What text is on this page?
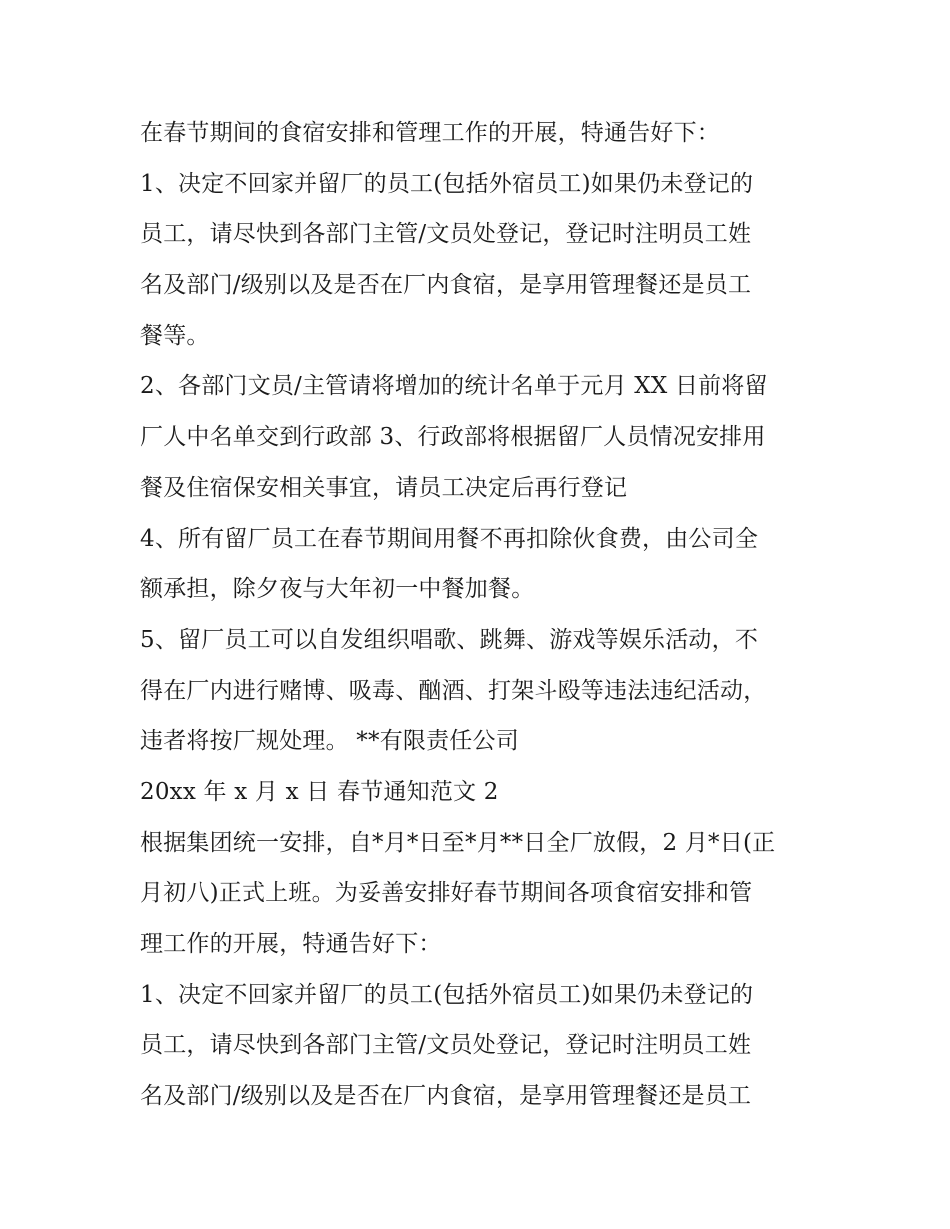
在春节期间的食宿安排和管理工作的开展，特通告好下：
1、决定不回家并留厂的员工(包括外宿员工)如果仍未登记的
员工，请尽快到各部门主管/文员处登记，登记时注明员工姓
名及部门/级别以及是否在厂内食宿，是享用管理餐还是员工
餐等。
2、各部门文员/主管请将增加的统计名单于元月 XX 日前将留
厂人中名单交到行政部 3、行政部将根据留厂人员情况安排用
餐及住宿保安相关事宜，请员工决定后再行登记
4、所有留厂员工在春节期间用餐不再扣除伙食费，由公司全
额承担，除夕夜与大年初一中餐加餐。
5、留厂员工可以自发组织唱歌、跳舞、游戏等娱乐活动，不
得在厂内进行赌博、吸毒、酗酒、打架斗殴等违法违纪活动，
违者将按厂规处理。 **有限责任公司
20xx 年 x 月 x 日 春节通知范文 2
根据集团统一安排，自*月*日至*月**日全厂放假，2 月*日(正
月初八)正式上班。为妥善安排好春节期间各项食宿安排和管
理工作的开展，特通告好下：
1、决定不回家并留厂的员工(包括外宿员工)如果仍未登记的
员工，请尽快到各部门主管/文员处登记，登记时注明员工姓
名及部门/级别以及是否在厂内食宿，是享用管理餐还是员工
